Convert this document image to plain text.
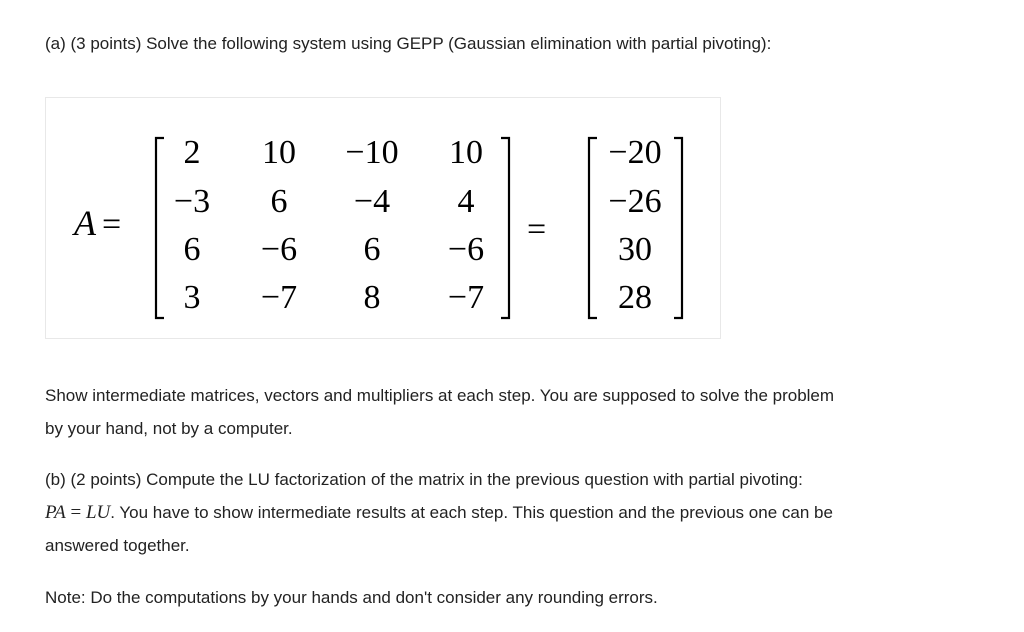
(a) (3 points) Solve the following system using GEPP (Gaussian elimination with partial pivoting):

A =
2 10 −10 10
−3 6 −4 4
6 −6 6 −6
3 −7 8 −7
=
−20
−26
30
28

Show intermediate matrices, vectors and multipliers at each step. You are supposed to solve the problem

by your hand, not by a computer.

(b) (2 points) Compute the LU factorization of the matrix in the previous question with partial pivoting:

PA = LU. You have to show intermediate results at each step. This question and the previous one can be

answered together.

Note: Do the computations by your hands and don't consider any rounding errors.
